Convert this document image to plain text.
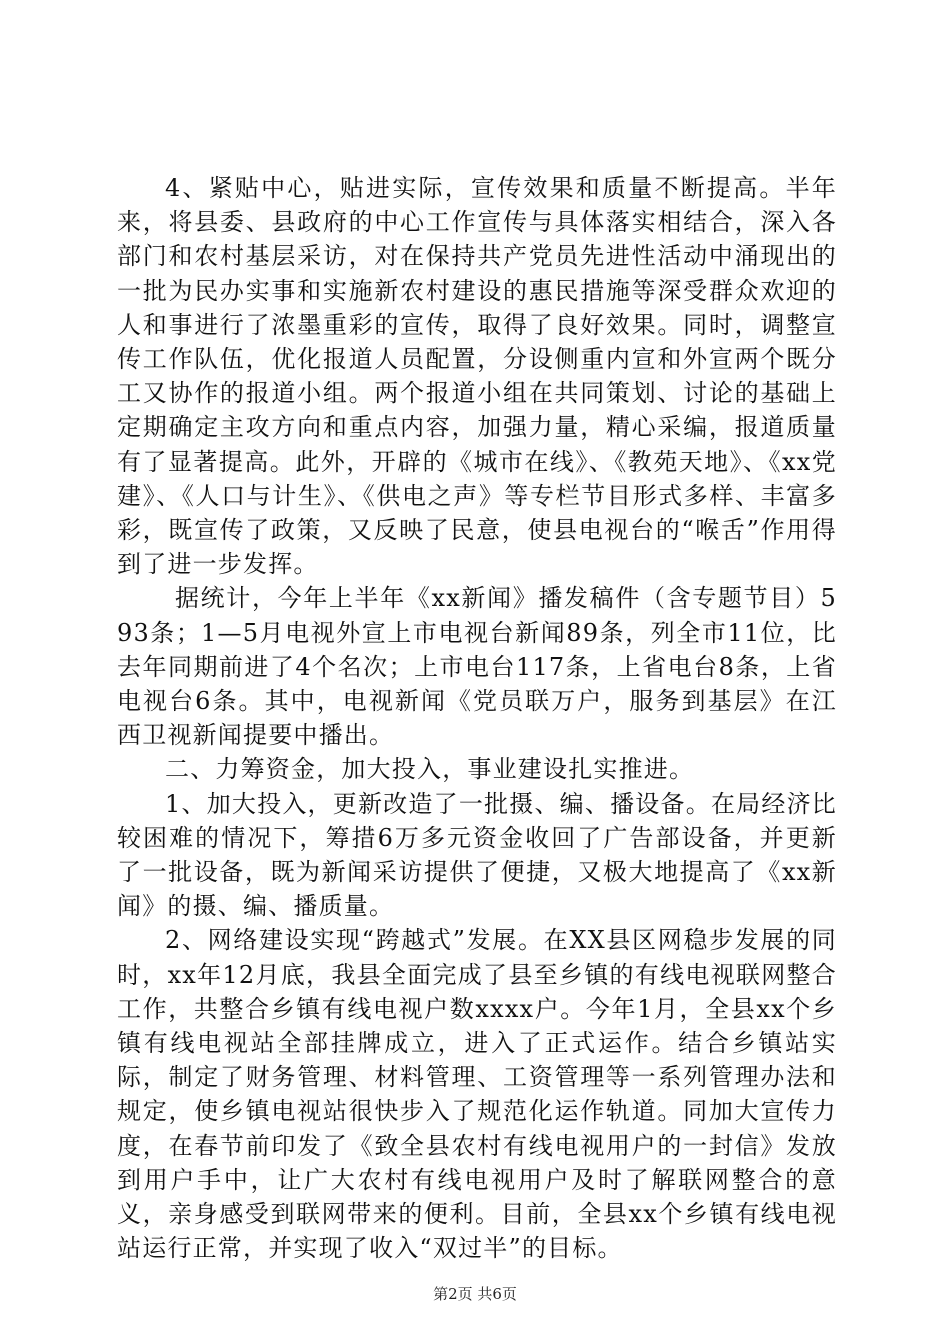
4、紧贴中心，贴进实际，宣传效果和质量不断提高。半年来，将县委、县政府的中心工作宣传与具体落实相结合，深入各部门和农村基层采访，对在保持共产党员先进性活动中涌现出的一批为民办实事和实施新农村建设的惠民措施等深受群众欢迎的人和事进行了浓墨重彩的宣传，取得了良好效果。同时，调整宣传工作队伍，优化报道人员配置，分设侧重内宣和外宣两个既分工又协作的报道小组。两个报道小组在共同策划、讨论的基础上定期确定主攻方向和重点内容，加强力量，精心采编，报道质量有了显著提高。此外，开辟的《城市在线》、《教苑天地》、《xx党建》、《人口与计生》、《供电之声》等专栏节目形式多样、丰富多彩，既宣传了政策，又反映了民意，使县电视台的“喉舌”作用得到了进一步发挥。

据统计，今年上半年《xx新闻》播发稿件（含专题节目）593条；1—5月电视外宣上市电视台新闻89条，列全市11位，比去年同期前进了4个名次；上市电台117条，上省电台8条，上省电视台6条。其中，电视新闻《党员联万户，服务到基层》在江西卫视新闻提要中播出。

二、力筹资金，加大投入，事业建设扎实推进。

1、加大投入，更新改造了一批摄、编、播设备。在局经济比较困难的情况下，筹措6万多元资金收回了广告部设备，并更新了一批设备，既为新闻采访提供了便捷，又极大地提高了《xx新闻》的摄、编、播质量。

2、网络建设实现“跨越式”发展。在XX县区网稳步发展的同时，xx年12月底，我县全面完成了县至乡镇的有线电视联网整合工作，共整合乡镇有线电视户数xxxx户。今年1月，全县xx个乡镇有线电视站全部挂牌成立，进入了正式运作。结合乡镇站实际，制定了财务管理、材料管理、工资管理等一系列管理办法和规定，使乡镇电视站很快步入了规范化运作轨道。同加大宣传力度，在春节前印发了《致全县农村有线电视用户的一封信》发放到用户手中，让广大农村有线电视用户及时了解联网整合的意义，亲身感受到联网带来的便利。目前，全县xx个乡镇有线电视站运行正常，并实现了收入“双过半”的目标。

第2页 共6页
